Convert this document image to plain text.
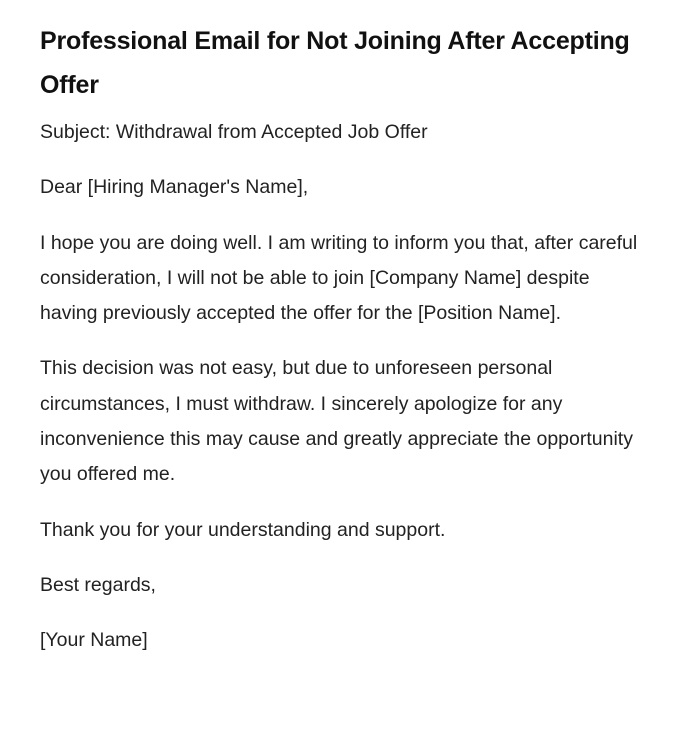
Professional Email for Not Joining After Accepting Offer

Subject: Withdrawal from Accepted Job Offer

Dear [Hiring Manager's Name],

I hope you are doing well. I am writing to inform you that, after careful consideration, I will not be able to join [Company Name] despite having previously accepted the offer for the [Position Name].

This decision was not easy, but due to unforeseen personal circumstances, I must withdraw. I sincerely apologize for any inconvenience this may cause and greatly appreciate the opportunity you offered me.

Thank you for your understanding and support.

Best regards,

[Your Name]
